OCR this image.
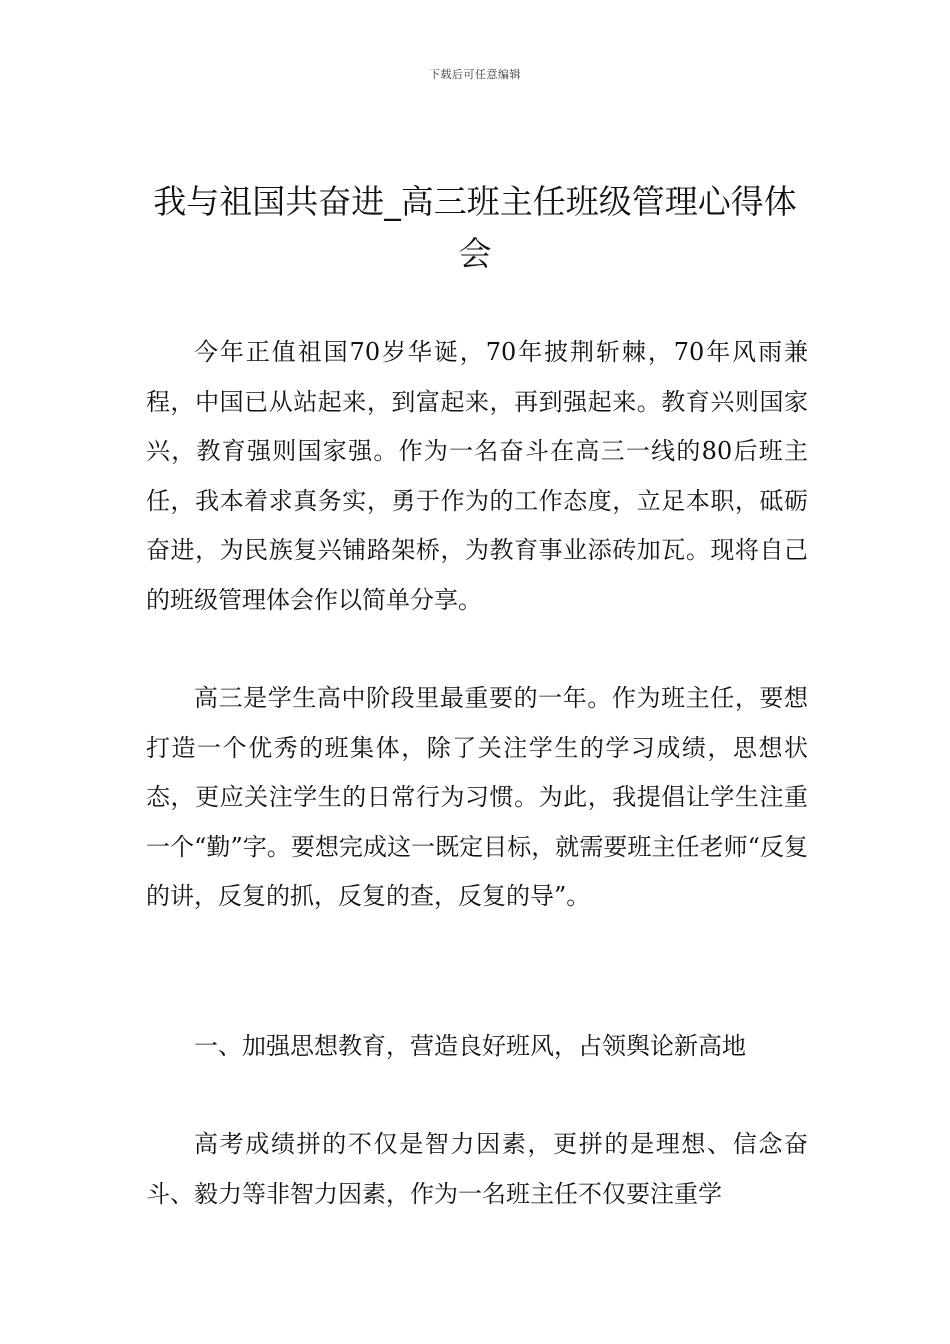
下载后可任意编辑
我与祖国共奋进_高三班主任班级管理心得体会

今年正值祖国70岁华诞，70年披荆斩棘，70年风雨兼程，中国已从站起来，到富起来，再到强起来。教育兴则国家兴，教育强则国家强。作为一名奋斗在高三一线的80后班主任，我本着求真务实，勇于作为的工作态度，立足本职，砥砺奋进，为民族复兴铺路架桥，为教育事业添砖加瓦。现将自己的班级管理体会作以简单分享。

高三是学生高中阶段里最重要的一年。作为班主任，要想打造一个优秀的班集体，除了关注学生的学习成绩，思想状态，更应关注学生的日常行为习惯。为此，我提倡让学生注重一个“勤”字。要想完成这一既定目标，就需要班主任老师“反复的讲，反复的抓，反复的查，反复的导”。

一、加强思想教育，营造良好班风，占领舆论新高地

高考成绩拼的不仅是智力因素，更拼的是理想、信念奋斗、毅力等非智力因素，作为一名班主任不仅要注重学
